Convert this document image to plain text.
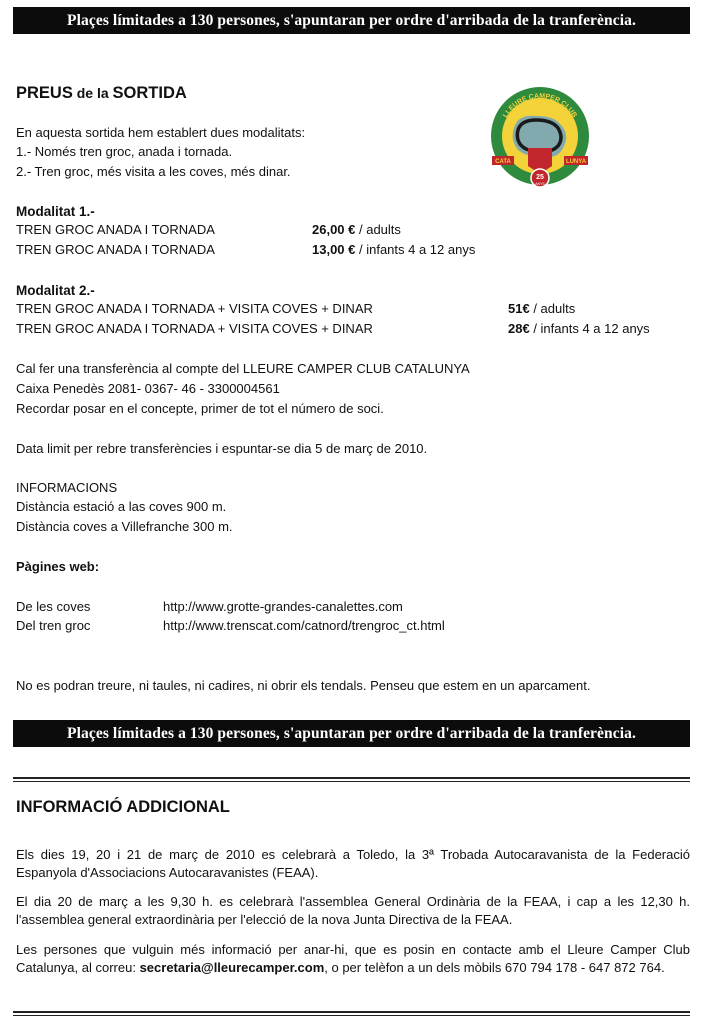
Plaçes límitades a 130 persones, s'apuntaran per ordre d'arribada de la tranferència.
PREUS de la SORTIDA
25
ANYS
LLEURE CAMPER CLUB
CATA	LUNYA
En aquesta sortida hem establert dues modalitats:
1.- Només tren groc, anada i tornada.
2.- Tren groc, més visita a les coves, més dinar.
Modalitat 1.-
TREN GROC ANADA I TORNADA	26,00 € / adults
TREN GROC ANADA I TORNADA	13,00 € / infants 4 a 12 anys
Modalitat 2.-
TREN GROC ANADA I TORNADA + VISITA COVES + DINAR	51€ / adults
TREN GROC ANADA I TORNADA + VISITA COVES + DINAR	28€ / infants 4 a 12 anys
Cal fer una transferència al compte del LLEURE CAMPER CLUB CATALUNYA
Caixa Penedès 2081- 0367- 46 - 3300004561
Recordar posar en el concepte, primer de tot el número de soci.
Data limit per rebre transferències i espuntar-se dia 5 de març de 2010.
INFORMACIONS
Distància estació a las coves 900 m.
Distància coves a Villefranche 300 m.
Pàgines web:
De les coves	http://www.grotte-grandes-canalettes.com
Del tren groc	http://www.trenscat.com/catnord/trengroc_ct.html
No es podran treure, ni taules, ni cadires, ni obrir els tendals. Penseu que estem en un aparcament.
Plaçes límitades a 130 persones, s'apuntaran per ordre d'arribada de la tranferència.
INFORMACIÓ ADDICIONAL
Els dies 19, 20 i 21 de març de 2010 es celebrarà a Toledo, la 3ª Trobada Autocaravanista de la Federació Espanyola d'Associacions Autocaravanistes (FEAA).
El dia 20 de març a les 9,30 h. es celebrarà l'assemblea General Ordinària de la FEAA, i cap a les 12,30 h. l'assemblea general extraordinària per l'elecció de la nova Junta Directiva de la FEAA.
Les persones que vulguin més informació per anar-hi, que es posin en contacte amb el Lleure Camper Club Catalunya, al correu: secretaria@lleurecamper.com, o per telèfon a un dels mòbils 670 794 178 - 647 872 764.
